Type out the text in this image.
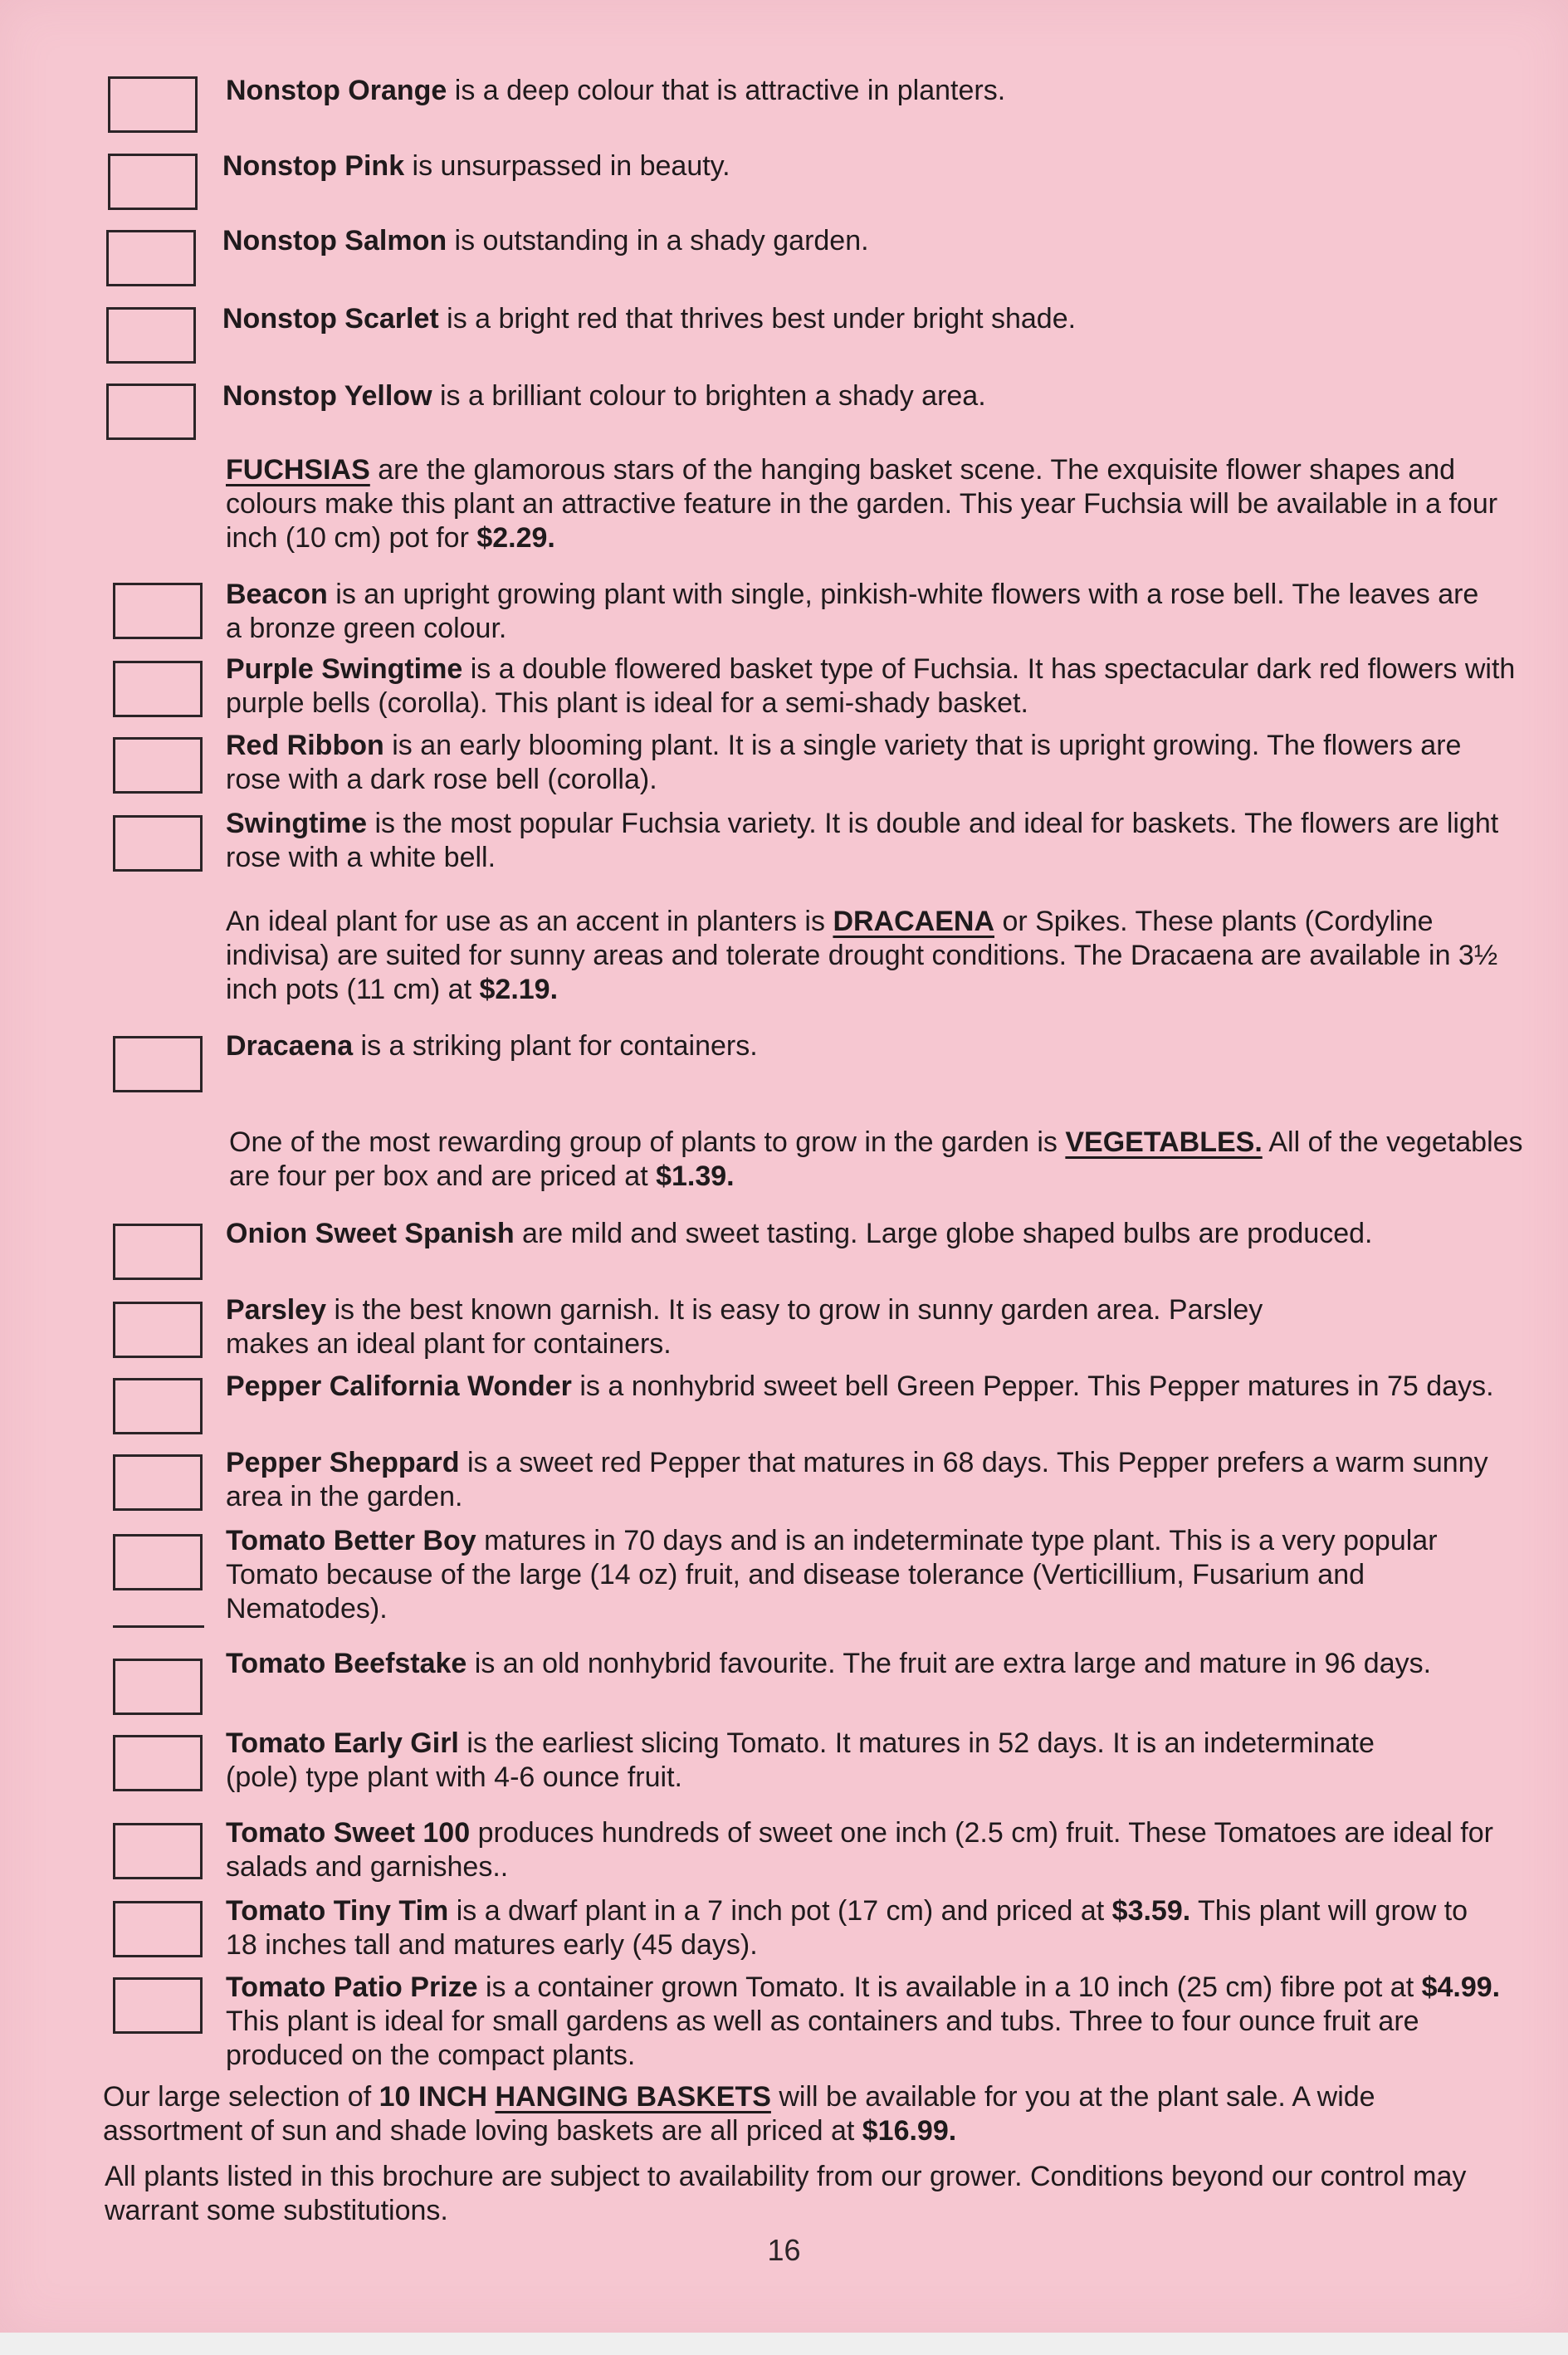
Nonstop Orange is a deep colour that is attractive in planters.
Nonstop Pink is unsurpassed in beauty.
Nonstop Salmon is outstanding in a shady garden.
Nonstop Scarlet is a bright red that thrives best under bright shade.
Nonstop Yellow is a brilliant colour to brighten a shady area.
FUCHSIAS are the glamorous stars of the hanging basket scene. The exquisite flower shapes and colours make this plant an attractive feature in the garden. This year Fuchsia will be available in a four inch (10 cm) pot for $2.29.
Beacon is an upright growing plant with single, pinkish-white flowers with a rose bell. The leaves are a bronze green colour.
Purple Swingtime is a double flowered basket type of Fuchsia. It has spectacular dark red flowers with purple bells (corolla). This plant is ideal for a semi-shady basket.
Red Ribbon is an early blooming plant. It is a single variety that is upright growing. The flowers are rose with a dark rose bell (corolla).
Swingtime is the most popular Fuchsia variety. It is double and ideal for baskets. The flowers are light rose with a white bell.
An ideal plant for use as an accent in planters is DRACAENA or Spikes. These plants (Cordyline indivisa) are suited for sunny areas and tolerate drought conditions. The Dracaena are available in 3½ inch pots (11 cm) at $2.19.
Dracaena is a striking plant for containers.
One of the most rewarding group of plants to grow in the garden is VEGETABLES. All of the vegetables are four per box and are priced at $1.39.
Onion Sweet Spanish are mild and sweet tasting. Large globe shaped bulbs are produced.
Parsley is the best known garnish. It is easy to grow in sunny garden area. Parsley makes an ideal plant for containers.
Pepper California Wonder is a nonhybrid sweet bell Green Pepper. This Pepper matures in 75 days.
Pepper Sheppard is a sweet red Pepper that matures in 68 days. This Pepper prefers a warm sunny area in the garden.
Tomato Better Boy matures in 70 days and is an indeterminate type plant. This is a very popular Tomato because of the large (14 oz) fruit, and disease tolerance (Verticillium, Fusarium and Nematodes).
Tomato Beefstake is an old nonhybrid favourite. The fruit are extra large and mature in 96 days.
Tomato Early Girl is the earliest slicing Tomato. It matures in 52 days. It is an indeterminate (pole) type plant with 4-6 ounce fruit.
Tomato Sweet 100 produces hundreds of sweet one inch (2.5 cm) fruit. These Tomatoes are ideal for salads and garnishes..
Tomato Tiny Tim is a dwarf plant in a 7 inch pot (17 cm) and priced at $3.59. This plant will grow to 18 inches tall and matures early (45 days).
Tomato Patio Prize is a container grown Tomato. It is available in a 10 inch (25 cm) fibre pot at $4.99. This plant is ideal for small gardens as well as containers and tubs. Three to four ounce fruit are produced on the compact plants.
Our large selection of 10 INCH HANGING BASKETS will be available for you at the plant sale. A wide assortment of sun and shade loving baskets are all priced at $16.99.
All plants listed in this brochure are subject to availability from our grower. Conditions beyond our control may warrant some substitutions.
16
